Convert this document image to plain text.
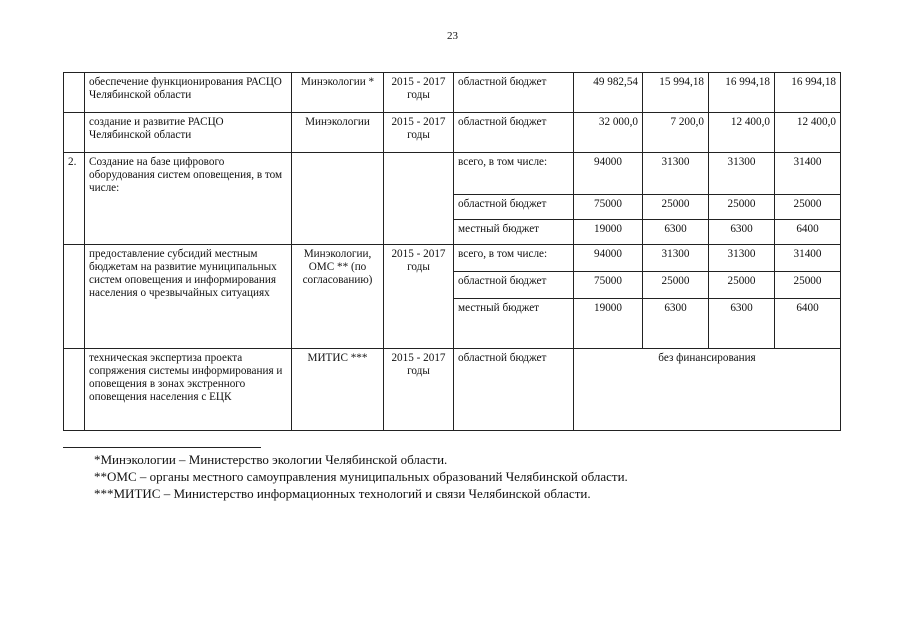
23
	обеспечение функционирования РАСЦО Челябинской области	Минэкологии *	2015 - 2017 годы	областной бюджет	49 982,54	15 994,18	16 994,18	16 994,18
	создание и развитие РАСЦО Челябинской области	Минэкологии	2015 - 2017 годы	областной бюджет	32 000,0	7 200,0	12 400,0	12 400,0
2.	Создание на базе цифрового оборудования систем оповещения, в том числе:			всего, в том числе:	94000	31300	31300	31400
				областной бюджет	75000	25000	25000	25000
				местный бюджет	19000	6300	6300	6400
	предоставление субсидий местным бюджетам на развитие муниципальных систем оповещения и информирования населения о чрезвычайных ситуациях	Минэкологии, ОМС ** (по согласованию)	2015 - 2017 годы	всего, в том числе:	94000	31300	31300	31400
				областной бюджет	75000	25000	25000	25000
				местный бюджет	19000	6300	6300	6400
	техническая экспертиза проекта сопряжения системы информирования и оповещения в зонах экстренного оповещения населения с ЕЦК	МИТИС ***	2015 - 2017 годы	областной бюджет	без финансирования			
*Минэкологии – Министерство экологии Челябинской области.
**ОМС – органы местного самоуправления муниципальных образований Челябинской области.
***МИТИС – Министерство информационных технологий и связи Челябинской области.
